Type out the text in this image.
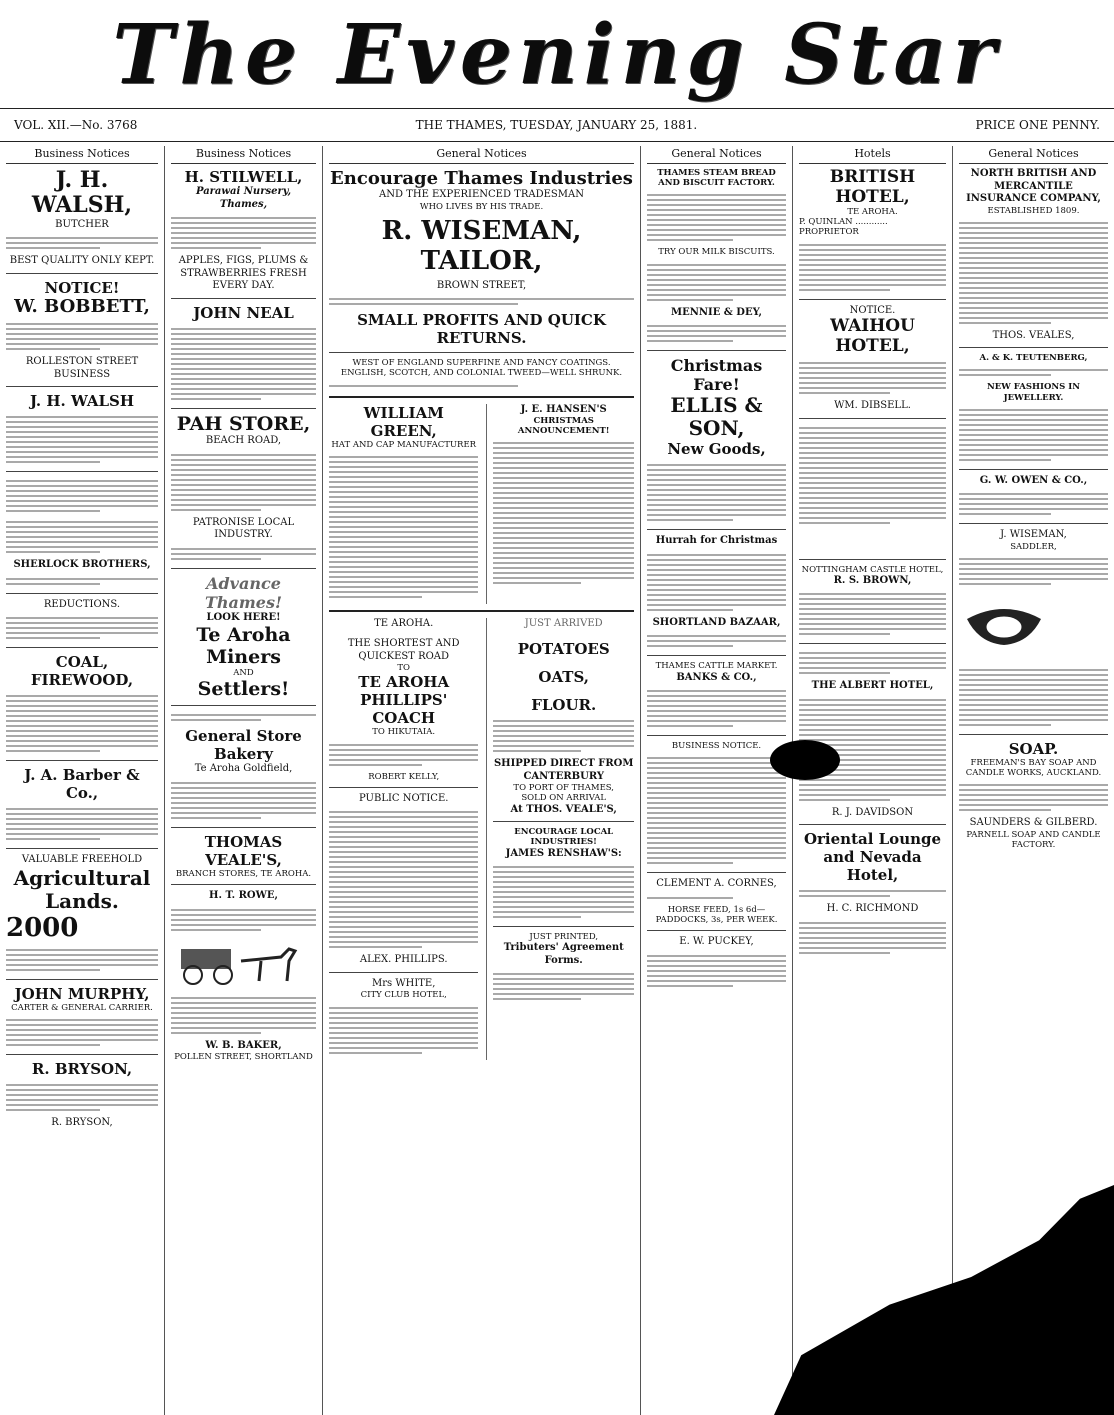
The Evening Star
VOL. XII.—No. 3768	THE THAMES, TUESDAY, JANUARY 25, 1881.	PRICE ONE PENNY.
Business Notices
J. H. WALSH,
BUTCHER
BEST QUALITY ONLY KEPT.
NOTICE!
W. BOBBETT,
ROLLESTON STREET BUSINESS
J. H. WALSH
SHERLOCK BROTHERS,
REDUCTIONS.
COAL, FIREWOOD,
J. A. Barber & Co.,
VALUABLE FREEHOLD
Agricultural Lands.
2000
JOHN MURPHY,
CARTER & GENERAL CARRIER.
R. BRYSON,
R. BRYSON,
Business Notices
H. STILWELL,
Parawai Nursery, Thames,
APPLES, FIGS, PLUMS & STRAWBERRIES FRESH EVERY DAY.
JOHN NEAL
PAH STORE,
BEACH ROAD,
PATRONISE LOCAL INDUSTRY.
Advance Thames!
LOOK HERE!
Te Aroha
Miners
AND
Settlers!
General Store
Bakery
Te Aroha Goldfield,
THOMAS VEALE'S,
BRANCH STORES, TE AROHA.
H. T. ROWE,
W. B. BAKER,
POLLEN STREET, SHORTLAND
General Notices
Encourage Thames Industries
AND THE EXPERIENCED TRADESMAN
WHO LIVES BY HIS TRADE.
R. WISEMAN, TAILOR,
BROWN STREET,
SMALL PROFITS AND QUICK RETURNS.
WEST OF ENGLAND SUPERFINE AND FANCY COATINGS.
ENGLISH, SCOTCH, AND COLONIAL TWEED—WELL SHRUNK.
WILLIAM GREEN,
HAT AND CAP MANUFACTURER
J. E. HANSEN'S
CHRISTMAS ANNOUNCEMENT!
TE AROHA.
THE SHORTEST AND
QUICKEST ROAD
TO
TE AROHA
PHILLIPS' COACH
TO HIKUTAIA.
ROBERT KELLY,
PUBLIC NOTICE.
ALEX. PHILLIPS.
Mrs WHITE,
CITY CLUB HOTEL,
JUST ARRIVED
POTATOES
OATS,
FLOUR.
SHIPPED DIRECT FROM
CANTERBURY
TO PORT OF THAMES,
SOLD ON ARRIVAL
At THOS. VEALE'S,
ENCOURAGE LOCAL INDUSTRIES!
JAMES RENSHAW'S:
JUST PRINTED,
Tributers' Agreement Forms.
General Notices
THAMES STEAM BREAD AND BISCUIT FACTORY.
TRY OUR MILK BISCUITS.
MENNIE & DEY,
Christmas Fare!
ELLIS & SON,
New Goods,
Hurrah for Christmas
SHORTLAND BAZAAR,
THAMES CATTLE MARKET.
BANKS & CO.,
BUSINESS NOTICE.
CLEMENT A. CORNES,
HORSE FEED, 1s 6d—PADDOCKS, 3s, PER WEEK.
E. W. PUCKEY,
Hotels
BRITISH HOTEL,
TE AROHA.
P. QUINLAN ............ PROPRIETOR
NOTICE.
WAIHOU HOTEL,
WM. DIBSELL.
NOTTINGHAM CASTLE HOTEL,
R. S. BROWN,
THE ALBERT HOTEL,
R. J. DAVIDSON
Oriental Lounge and Nevada Hotel,
H. C. RICHMOND
General Notices
NORTH BRITISH AND MERCANTILE INSURANCE COMPANY,
ESTABLISHED 1809.
THOS. VEALES,
A. & K. TEUTENBERG,
NEW FASHIONS IN JEWELLERY.
G. W. OWEN & CO.,
J. WISEMAN,
SADDLER,
SOAP.
FREEMAN'S BAY SOAP AND CANDLE WORKS, AUCKLAND.
SAUNDERS & GILBERD.
PARNELL SOAP AND CANDLE FACTORY.
